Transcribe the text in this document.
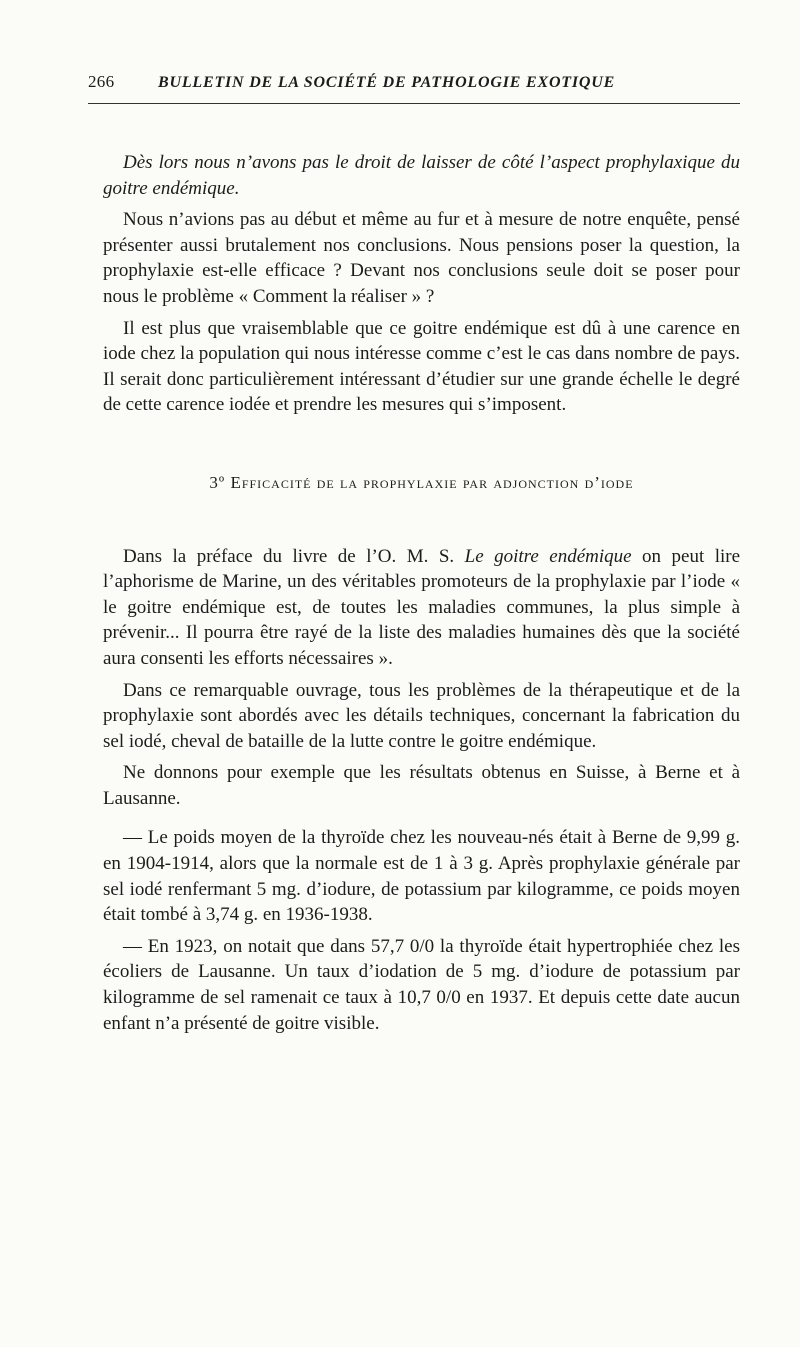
266	BULLETIN DE LA SOCIÉTÉ DE PATHOLOGIE EXOTIQUE

Dès lors nous n’avons pas le droit de laisser de côté l’aspect prophylaxique du goitre endémique.

Nous n’avions pas au début et même au fur et à mesure de notre enquête, pensé présenter aussi brutalement nos conclusions. Nous pensions poser la question, la prophylaxie est-elle efficace ? Devant nos conclusions seule doit se poser pour nous le problème « Comment la réaliser » ?

Il est plus que vraisemblable que ce goitre endémique est dû à une carence en iode chez la population qui nous intéresse comme c’est le cas dans nombre de pays. Il serait donc particulièrement intéressant d’étudier sur une grande échelle le degré de cette carence iodée et prendre les mesures qui s’imposent.

3º Efficacité de la prophylaxie par adjonction d’iode

Dans la préface du livre de l’O. M. S. Le goitre endémique on peut lire l’aphorisme de Marine, un des véritables promoteurs de la prophylaxie par l’iode « le goitre endémique est, de toutes les maladies communes, la plus simple à prévenir... Il pourra être rayé de la liste des maladies humaines dès que la société aura consenti les efforts nécessaires ».

Dans ce remarquable ouvrage, tous les problèmes de la thérapeutique et de la prophylaxie sont abordés avec les détails techniques, concernant la fabrication du sel iodé, cheval de bataille de la lutte contre le goitre endémique.

Ne donnons pour exemple que les résultats obtenus en Suisse, à Berne et à Lausanne.

— Le poids moyen de la thyroïde chez les nouveau-nés était à Berne de 9,99 g. en 1904-1914, alors que la normale est de 1 à 3 g. Après prophylaxie générale par sel iodé renfermant 5 mg. d’iodure, de potassium par kilogramme, ce poids moyen était tombé à 3,74 g. en 1936-1938.

— En 1923, on notait que dans 57,7 0/0 la thyroïde était hypertrophiée chez les écoliers de Lausanne. Un taux d’iodation de 5 mg. d’iodure de potassium par kilogramme de sel ramenait ce taux à 10,7 0/0 en 1937. Et depuis cette date aucun enfant n’a présenté de goitre visible.
